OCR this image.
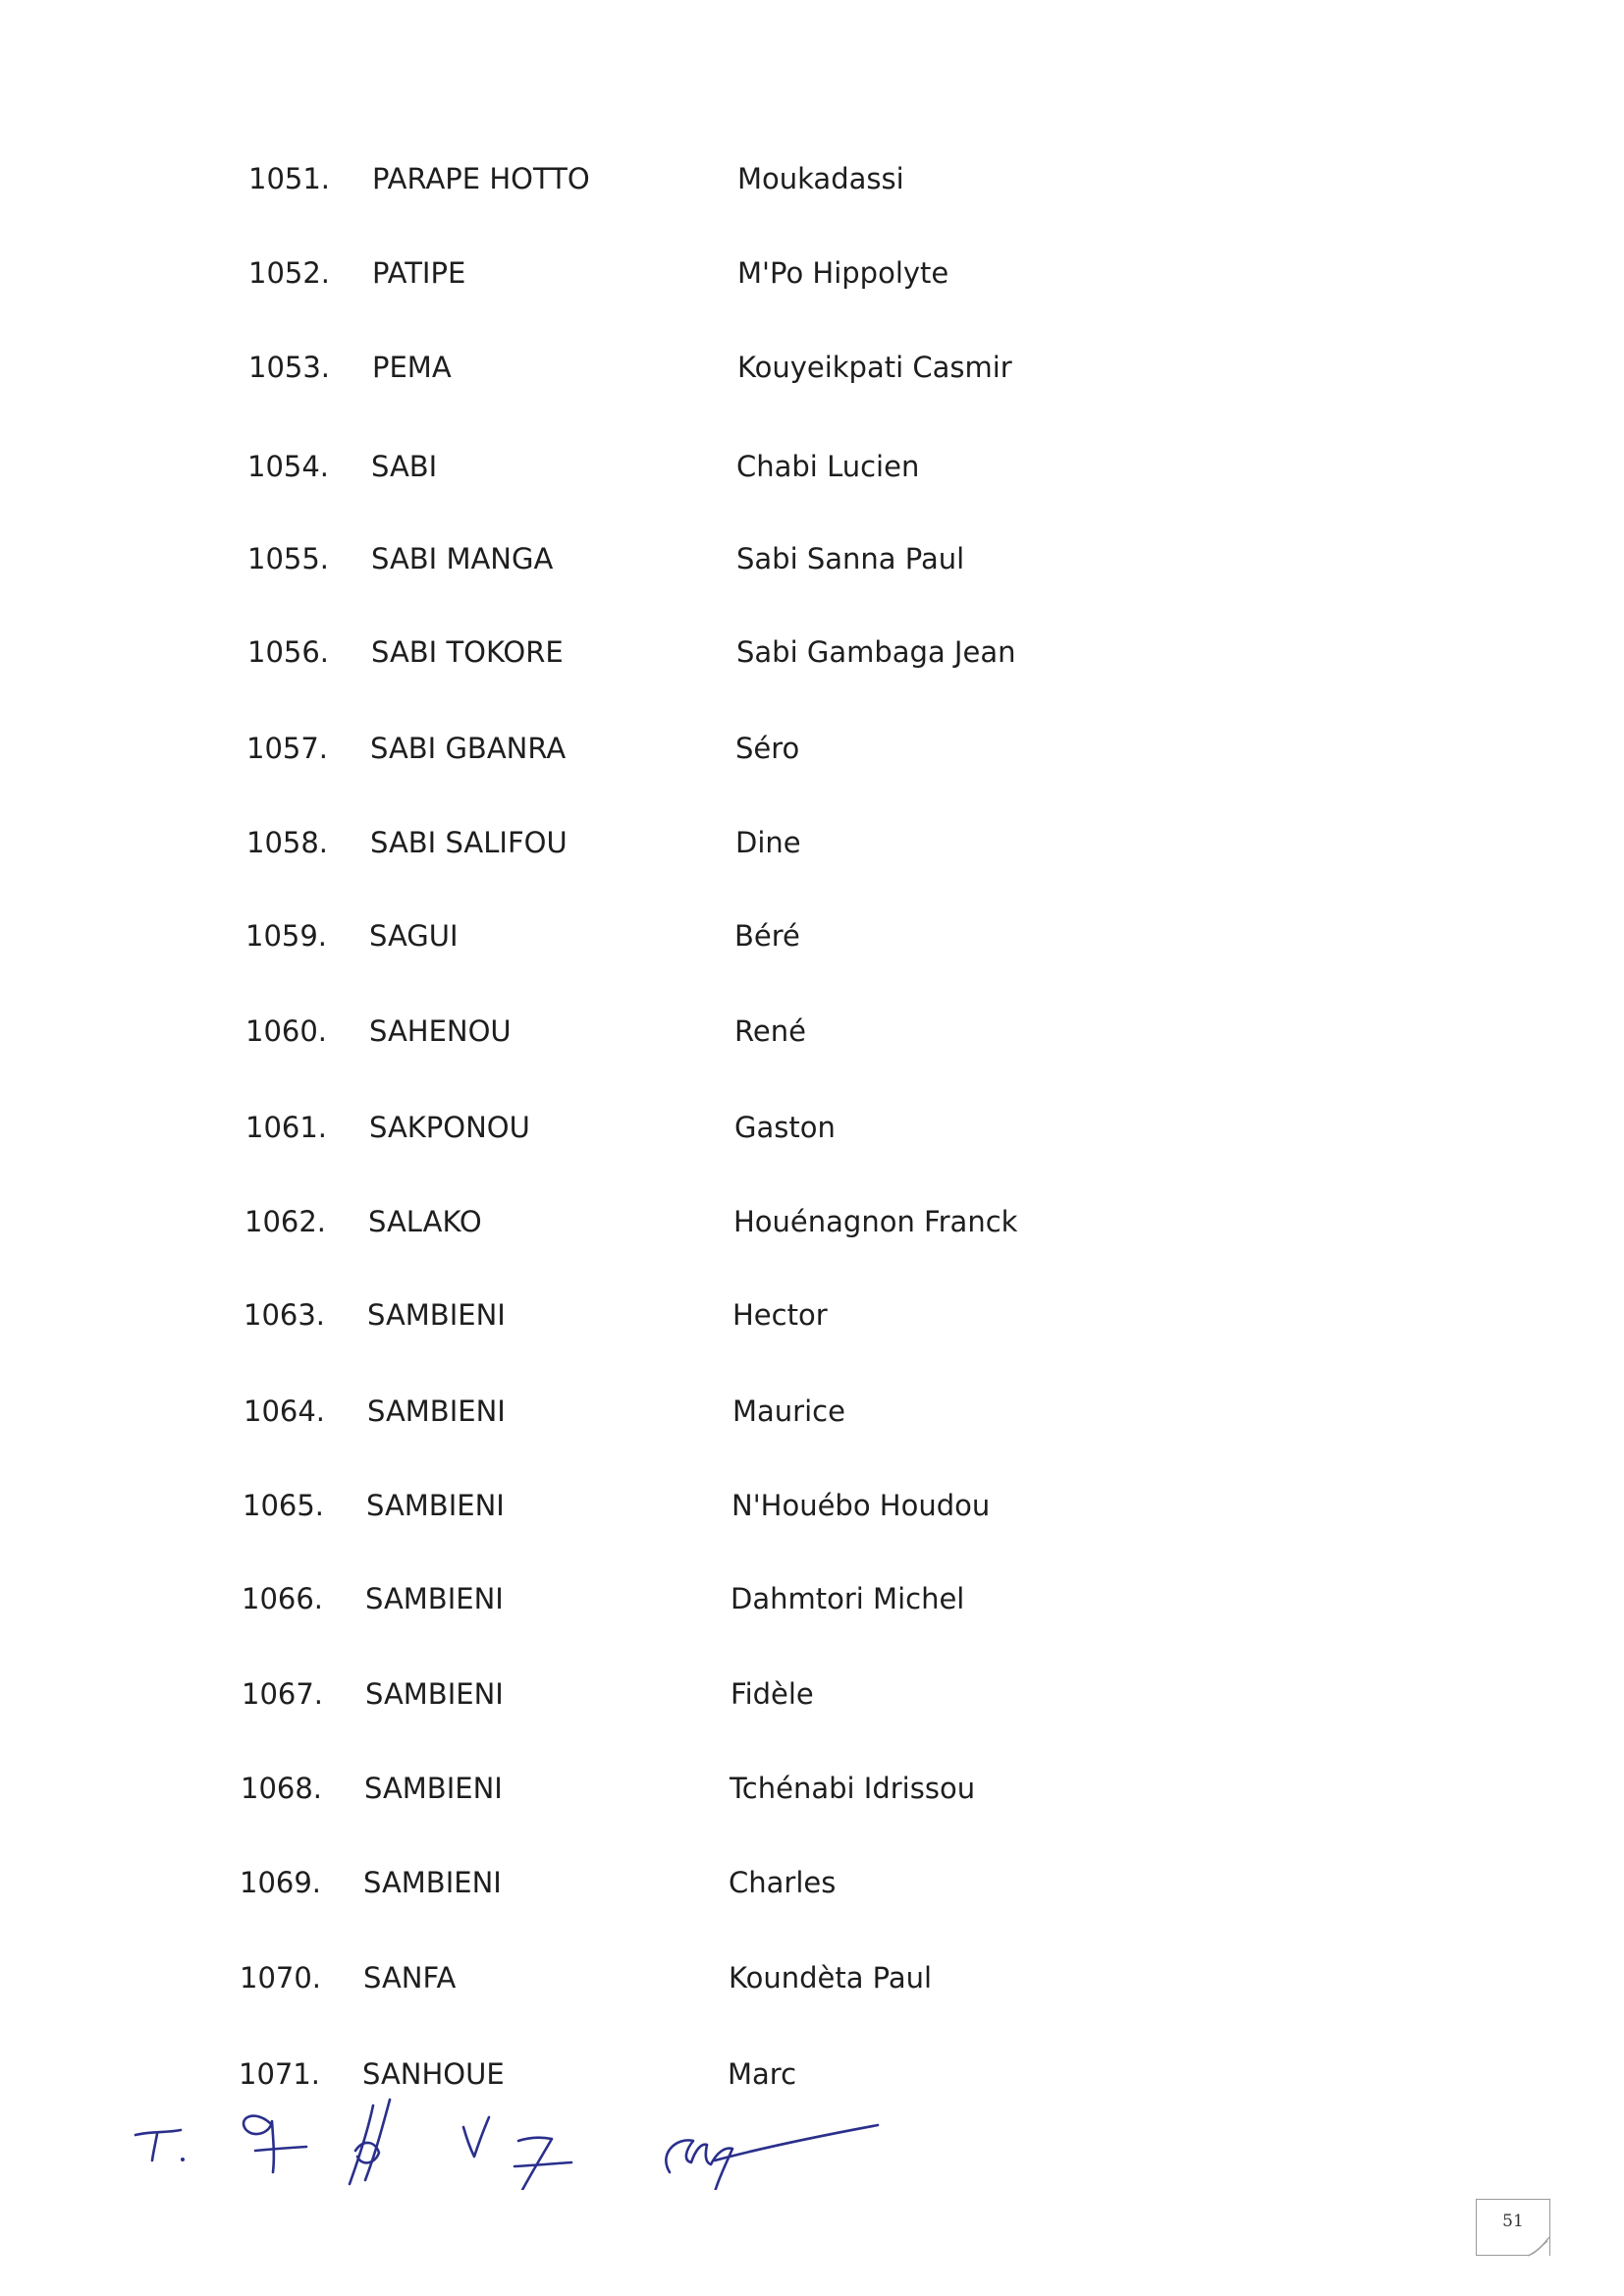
1051. PARAPE HOTTO	Moukadassi
1052. PATIPE	M'Po Hippolyte
1053. PEMA	Kouyeikpati Casmir
1054. SABI	Chabi Lucien
1055. SABI MANGA	Sabi Sanna Paul
1056. SABI TOKORE	Sabi Gambaga Jean
1057. SABI GBANRA	Séro
1058. SABI SALIFOU	Dine
1059. SAGUI	Béré
1060. SAHENOU	René
1061. SAKPONOU	Gaston
1062. SALAKO	Houénagnon Franck
1063. SAMBIENI	Hector
1064. SAMBIENI	Maurice
1065. SAMBIENI	N'Houébo Houdou
1066. SAMBIENI	Dahmtori Michel
1067. SAMBIENI	Fidèle
1068. SAMBIENI	Tchénabi Idrissou
1069. SAMBIENI	Charles
1070. SANFA	Koundèta Paul
1071. SANHOUE	Marc
51
